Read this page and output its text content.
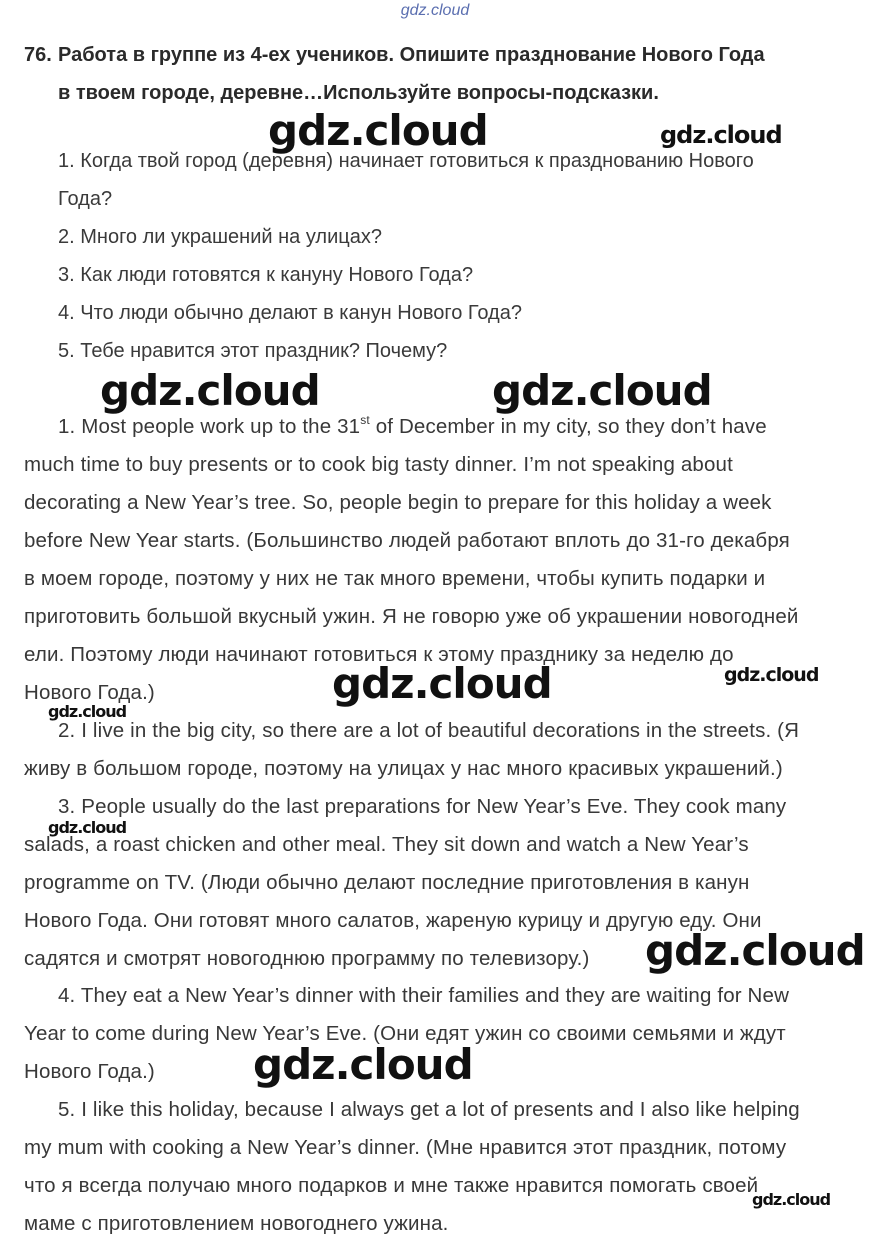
gdz.cloud
76. Работа в группе из 4-ех учеников. Опишите празднование Нового Года
в твоем городе, деревне…Используйте вопросы-подсказки.
1. Когда твой город (деревня) начинает готовиться к празднованию Нового
Года?
2. Много ли украшений на улицах?
3. Как люди готовятся к кануну Нового Года?
4. Что люди обычно делают в канун Нового Года?
5. Тебе нравится этот праздник? Почему?
1. Most people work up to the 31st of December in my city, so they don’t have
much time to buy presents or to cook big tasty dinner. I’m not speaking about
decorating a New Year’s tree. So, people begin to prepare for this holiday a week
before New Year starts. (Большинство людей работают вплоть до 31-го декабря
в моем городе, поэтому у них не так много времени, чтобы купить подарки и
приготовить большой вкусный ужин. Я не говорю уже об украшении новогодней
ели. Поэтому люди начинают готовиться к этому празднику за неделю до
Нового Года.)
2. I live in the big city, so there are a lot of beautiful decorations in the streets. (Я
живу в большом городе, поэтому на улицах у нас много красивых украшений.)
3. People usually do the last preparations for New Year’s Eve. They cook many
salads, a roast chicken and other meal. They sit down and watch a New Year’s
programme on TV. (Люди обычно делают последние приготовления в канун
Нового Года. Они готовят много салатов, жареную курицу и другую еду. Они
садятся и смотрят новогоднюю программу по телевизору.)
4. They eat a New Year’s dinner with their families and they are waiting for New
Year to come during New Year’s Eve. (Они едят ужин со своими семьями и ждут
Нового Года.)
5. I like this holiday, because I always get a lot of presents and I also like helping
my mum with cooking a New Year’s dinner. (Мне нравится этот праздник, потому
что я всегда получаю много подарков и мне также нравится помогать своей
маме с приготовлением новогоднего ужина.
gdz.cloud	gdz.cloud
gdz.cloud	gdz.cloud
gdz.cloud	gdz.cloud
gdz.cloud
gdz.cloud
gdz.cloud
gdz.cloud
gdz.cloud
